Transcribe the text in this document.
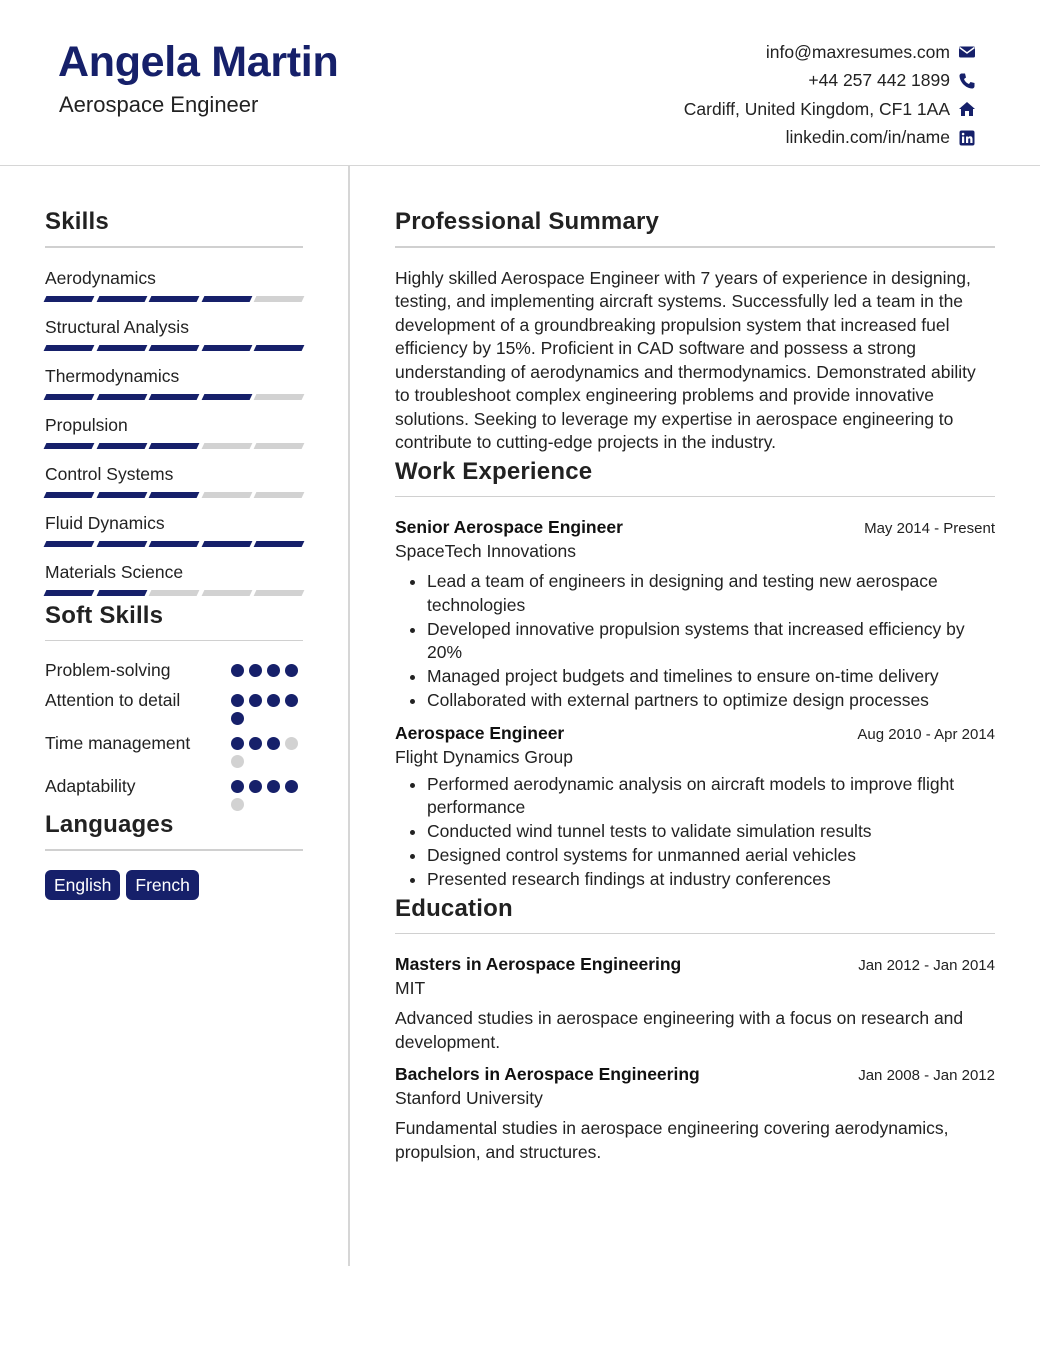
Angela Martin
Aerospace Engineer
info@maxresumes.com
+44 257 442 1899
Cardiff, United Kingdom, CF1 1AA
linkedin.com/in/name
Skills
Aerodynamics
Structural Analysis
Thermodynamics
Propulsion
Control Systems
Fluid Dynamics
Materials Science
Soft Skills
Problem-solving
Attention to detail
Time management
Adaptability
Languages
English	French
Professional Summary
Highly skilled Aerospace Engineer with 7 years of experience in designing, testing, and implementing aircraft systems. Successfully led a team in the development of a groundbreaking propulsion system that increased fuel efficiency by 15%. Proficient in CAD software and possess a strong understanding of aerodynamics and thermodynamics. Demonstrated ability to troubleshoot complex engineering problems and provide innovative solutions. Seeking to leverage my expertise in aerospace engineering to contribute to cutting-edge projects in the industry.
Work Experience
Senior Aerospace Engineer	May 2014 - Present
SpaceTech Innovations
• Lead a team of engineers in designing and testing new aerospace technologies
• Developed innovative propulsion systems that increased efficiency by 20%
• Managed project budgets and timelines to ensure on-time delivery
• Collaborated with external partners to optimize design processes
Aerospace Engineer	Aug 2010 - Apr 2014
Flight Dynamics Group
• Performed aerodynamic analysis on aircraft models to improve flight performance
• Conducted wind tunnel tests to validate simulation results
• Designed control systems for unmanned aerial vehicles
• Presented research findings at industry conferences
Education
Masters in Aerospace Engineering	Jan 2012 - Jan 2014
MIT
Advanced studies in aerospace engineering with a focus on research and development.
Bachelors in Aerospace Engineering	Jan 2008 - Jan 2012
Stanford University
Fundamental studies in aerospace engineering covering aerodynamics, propulsion, and structures.
